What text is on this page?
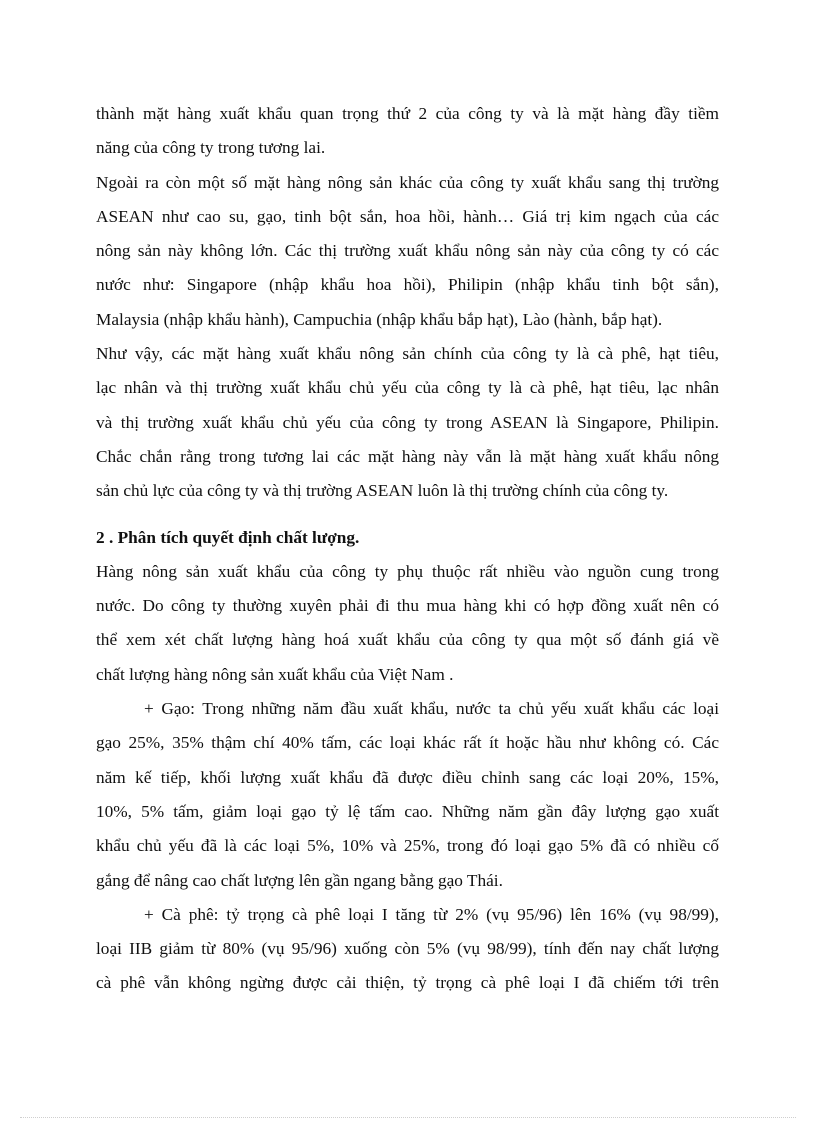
thành mặt hàng xuất khẩu quan trọng thứ 2 của công ty và là mặt hàng đầy tiềm
năng của công ty trong tương lai.
Ngoài ra còn một số mặt hàng nông sản khác của công ty xuất khẩu sang thị trường
ASEAN như cao su, gạo, tinh bột sắn, hoa hồi, hành… Giá trị kim ngạch của các
nông sản này không lớn. Các thị trường xuất khẩu nông sản này của công ty có các
nước như: Singapore (nhập khẩu hoa hồi), Philipin (nhập khẩu tinh bột sắn),
Malaysia (nhập khẩu hành), Campuchia (nhập khẩu bắp hạt), Lào (hành, bắp hạt).
Như vậy, các mặt hàng xuất khẩu nông sản chính của công ty là cà phê, hạt tiêu,
lạc nhân và thị trường xuất khẩu chủ yếu của công ty là cà phê, hạt tiêu, lạc nhân
và thị trường xuất khẩu chủ yếu của công ty trong ASEAN là Singapore, Philipin.
Chắc chắn rằng trong tương lai các mặt hàng này vẫn là mặt hàng xuất khẩu nông
sản chủ lực của công ty và thị trường ASEAN luôn là thị trường chính của công ty.
2 . Phân tích quyết định chất lượng.
Hàng nông sản xuất khẩu của công ty phụ thuộc rất nhiều vào nguồn cung trong
nước. Do công ty thường xuyên phải đi thu mua hàng khi có hợp đồng xuất nên có
thể xem xét chất lượng hàng hoá xuất khẩu của công ty qua một số đánh giá về
chất lượng hàng nông sản xuất khẩu của Việt Nam .
+ Gạo: Trong những năm đầu xuất khẩu, nước ta chủ yếu xuất khẩu các loại
gạo 25%, 35% thậm chí 40% tấm, các loại khác rất ít hoặc hầu như không có. Các
năm kế tiếp, khối lượng xuất khẩu đã được điều chỉnh sang các loại 20%, 15%,
10%, 5% tấm, giảm loại gạo tỷ lệ tấm cao. Những năm gần đây lượng gạo xuất
khẩu chủ yếu đã là các loại 5%, 10% và 25%, trong đó loại gạo 5% đã có nhiều cố
gắng để nâng cao chất lượng lên gần ngang bằng gạo Thái.
+ Cà phê: tỷ trọng cà phê loại I tăng từ 2% (vụ 95/96) lên 16% (vụ 98/99),
loại IIB giảm từ 80% (vụ 95/96) xuống còn 5% (vụ 98/99), tính đến nay chất lượng
cà phê vẫn không ngừng được cải thiện, tỷ trọng cà phê loại I đã chiếm tới trên
